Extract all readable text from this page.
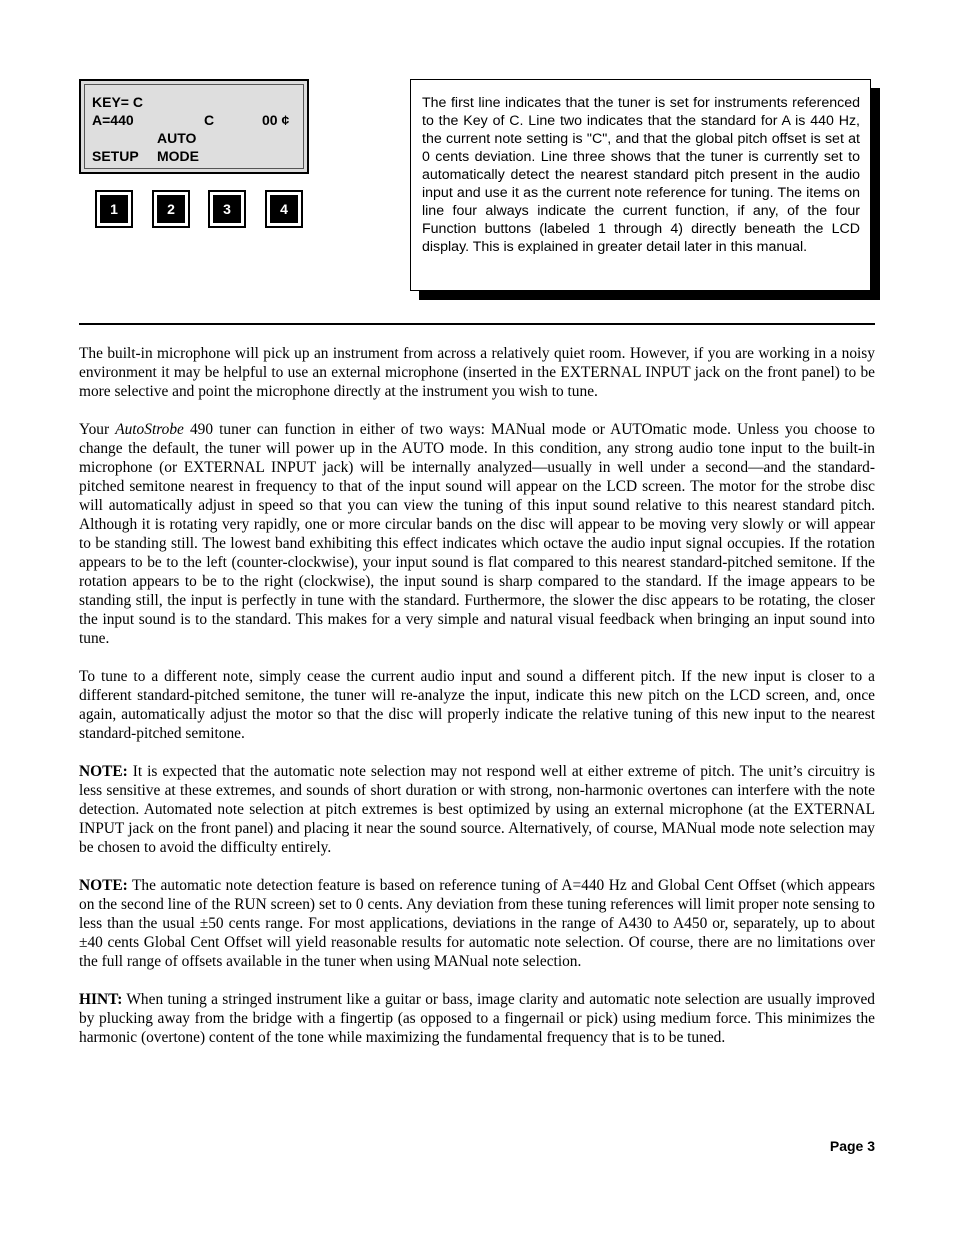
KEY= C
A=440	C	00 ¢
AUTO
SETUP MODE
1	2	3	4
The first line indicates that the tuner is set for instruments referenced to the Key of C. Line two indicates that the standard for A is 440 Hz, the current note setting is "C", and that the global pitch offset is set at 0 cents deviation. Line three shows that the tuner is currently set to automatically detect the nearest standard pitch present in the audio input and use it as the current note reference for tuning. The items on line four always indicate the current function, if any, of the four Function buttons (labeled 1 through 4) directly beneath the LCD display. This is explained in greater detail later in this manual.

The built-in microphone will pick up an instrument from across a relatively quiet room. However, if you are working in a noisy environment it may be helpful to use an external microphone (inserted in the EXTERNAL INPUT jack on the front panel) to be more selective and point the microphone directly at the instrument you wish to tune.

Your AutoStrobe 490 tuner can function in either of two ways: MANual mode or AUTOmatic mode. Unless you choose to change the default, the tuner will power up in the AUTO mode. In this condition, any strong audio tone input to the built-in microphone (or EXTERNAL INPUT jack) will be internally analyzed—usually in well under a second—and the standard-pitched semitone nearest in frequency to that of the input sound will appear on the LCD screen. The motor for the strobe disc will automatically adjust in speed so that you can view the tuning of this input sound relative to this nearest standard pitch. Although it is rotating very rapidly, one or more circular bands on the disc will appear to be moving very slowly or will appear to be standing still. The lowest band exhibiting this effect indicates which octave the audio input signal occupies. If the rotation appears to be to the left (counter-clockwise), your input sound is flat compared to this nearest standard-pitched semitone. If the rotation appears to be to the right (clockwise), the input sound is sharp compared to the standard. If the image appears to be standing still, the input is perfectly in tune with the standard. Furthermore, the slower the disc appears to be rotating, the closer the input sound is to the standard. This makes for a very simple and natural visual feedback when bringing an input sound into tune.

To tune to a different note, simply cease the current audio input and sound a different pitch. If the new input is closer to a different standard-pitched semitone, the tuner will re-analyze the input, indicate this new pitch on the LCD screen, and, once again, automatically adjust the motor so that the disc will properly indicate the relative tuning of this new input to the nearest standard-pitched semitone.

NOTE: It is expected that the automatic note selection may not respond well at either extreme of pitch. The unit’s circuitry is less sensitive at these extremes, and sounds of short duration or with strong, non-harmonic overtones can interfere with the note detection. Automated note selection at pitch extremes is best optimized by using an external microphone (at the EXTERNAL INPUT jack on the front panel) and placing it near the sound source. Alternatively, of course, MANual mode note selection may be chosen to avoid the difficulty entirely.

NOTE: The automatic note detection feature is based on reference tuning of A=440 Hz and Global Cent Offset (which appears on the second line of the RUN screen) set to 0 cents. Any deviation from these tuning references will limit proper note sensing to less than the usual ±50 cents range. For most applications, deviations in the range of A430 to A450 or, separately, up to about ±40 cents Global Cent Offset will yield reasonable results for automatic note selection. Of course, there are no limitations over the full range of offsets available in the tuner when using MANual note selection.

HINT: When tuning a stringed instrument like a guitar or bass, image clarity and automatic note selection are usually improved by plucking away from the bridge with a fingertip (as opposed to a fingernail or pick) using medium force. This minimizes the harmonic (overtone) content of the tone while maximizing the fundamental frequency that is to be tuned.

Page 3
